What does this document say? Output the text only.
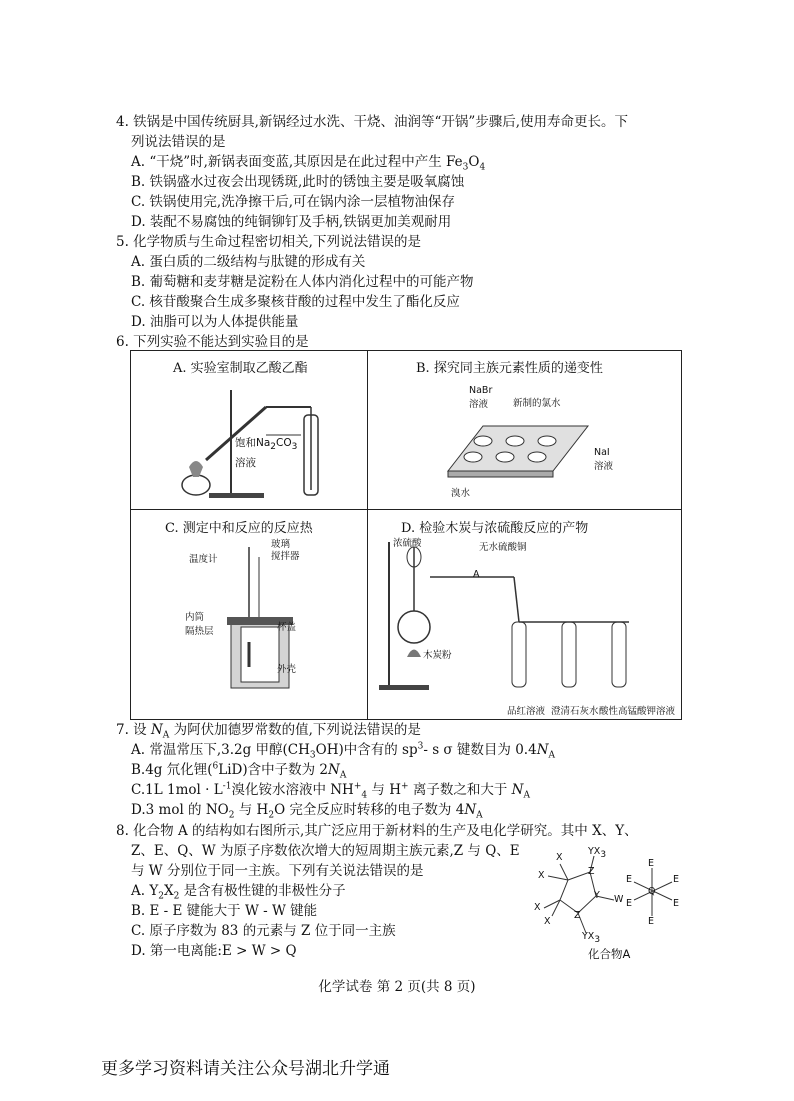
4. 铁锅是中国传统厨具,新锅经过水洗、干烧、油润等“开锅”步骤后,使用寿命更长。下
列说法错误的是
A. “干烧”时,新锅表面变蓝,其原因是在此过程中产生 $Fe_3O_4$
B. 铁锅盛水过夜会出现锈斑,此时的锈蚀主要是吸氧腐蚀
C. 铁锅使用完,洗净擦干后,可在锅内涂一层植物油保存
D. 装配不易腐蚀的纯铜铆钉及手柄,铁锅更加美观耐用
5. 化学物质与生命过程密切相关,下列说法错误的是
A. 蛋白质的二级结构与肽键的形成有关
B. 葡萄糖和麦芽糖是淀粉在人体内消化过程中的可能产物
C. 核苷酸聚合生成多聚核苷酸的过程中发生了酯化反应
D. 油脂可以为人体提供能量
6. 下列实验不能达到实验目的是
A. 实验室制取乙酸乙酯
饱和$Na_2CO_3$
溶液
B. 探究同主族元素性质的递变性
NaBr
溶液	新制的氯水
NaI
溶液
溴水
C. 测定中和反应的反应热
温度计
玻璃
搅拌器
内筒
杯盖
隔热层
外壳
D. 检验木炭与浓硫酸反应的产物
浓硫酸	无水硫酸铜
A
木炭粉
品红溶液 澄清石灰水 酸性高锰酸钾溶液
7. 设 $N_A$ 为阿伏加德罗常数的值,下列说法错误的是
A. 常温常压下,3.2g 甲醇$(CH_3OH)$中含有的 $sp^3-$ s σ 键数目为 $0.4N_A$
B.4g 氘化锂($^6$LiD)含中子数为 $2N_A$
C.1L $1mol \cdot L^{-1}$溴化铵水溶液中 $NH^+_4$ 与 H+ 离子数之和大于 $N_A$
D.3 mol 的 $NO_2$ 与 $H_2O$ 完全反应时转移的电子数为 $4N_A$
8. 化合物 A 的结构如右图所示,其广泛应用于新材料的生产及电化学研究。其中 X、Y、
Z、E、Q、W 为原子序数依次增大的短周期主族元素,Z 与 Q、E
与 W 分别位于同一主族。下列有关说法错误的是
A. $Y_2X_2$ 是含有极性键的非极性分子
B. E - E 键能大于 W - W 键能
C. 原子序数为 83 的元素与 Z 位于同一主族
D. 第一电离能:E > W > Q
X
X
$YX_3$
Z
Y W
Z
X
X
$YX_3$
Q
E
E	E
E	E
E
化合物A
化学试卷 第 2 页(共 8 页)
更多学习资料请关注公众号湖北升学通
